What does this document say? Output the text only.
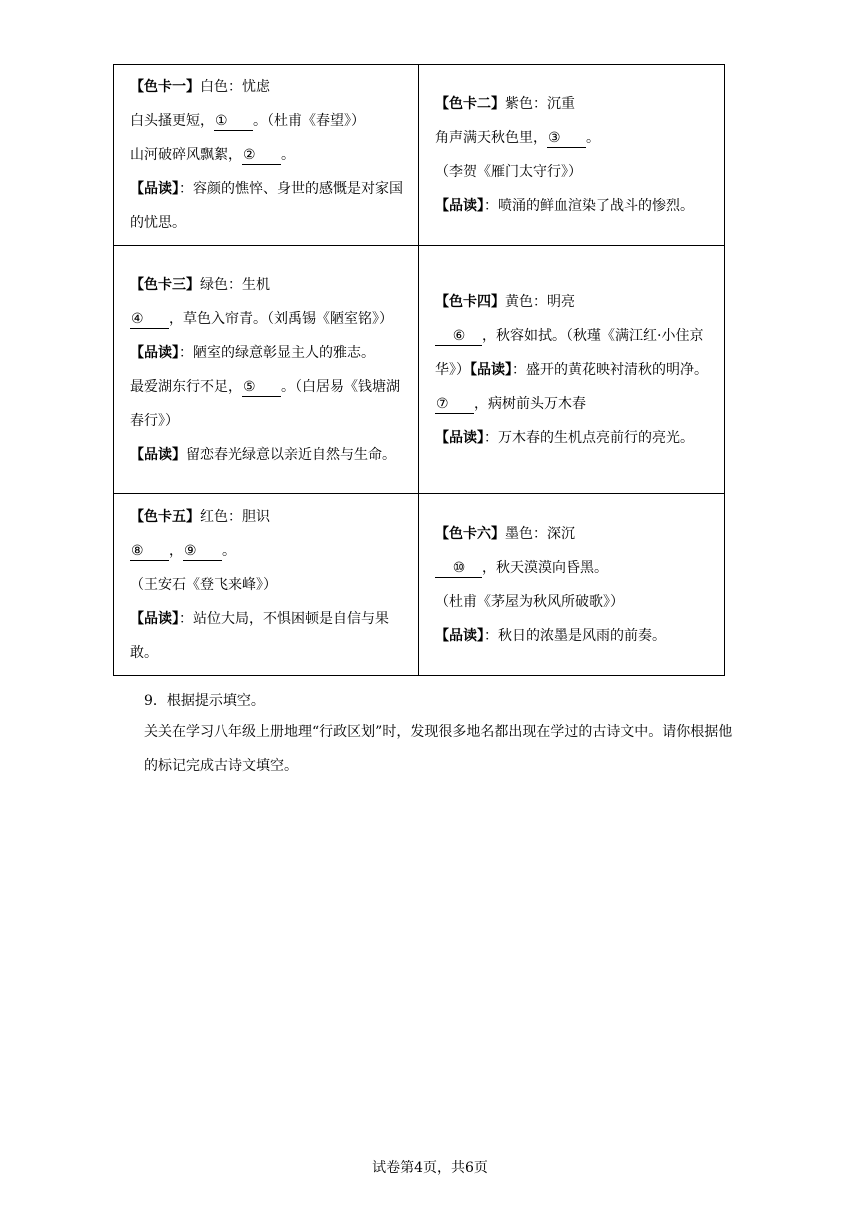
【色卡一】白色：忧虑
白头搔更短，① 。（杜甫《春望》）
山河破碎风飘絮，② 。
【品读】：容颜的憔悴、身世的感慨是对家国的忧思。
【色卡二】紫色：沉重
角声满天秋色里，③ 。
（李贺《雁门太守行》）
【品读】：喷涌的鲜血渲染了战斗的惨烈。
【色卡三】绿色：生机
④ ，草色入帘青。（刘禹锡《陋室铭》）
【品读】：陋室的绿意彰显主人的雅志。
最爱湖东行不足，⑤ 。（白居易《钱塘湖春行》）
【品读】留恋春光绿意以亲近自然与生命。
【色卡四】黄色：明亮
⑥ ，秋容如拭。（秋瑾《满江红·小住京华》）【品读】：盛开的黄花映衬清秋的明净。
⑦ ，病树前头万木春
【品读】：万木春的生机点亮前行的亮光。
【色卡五】红色：胆识
⑧ ，⑨ 。
（王安石《登飞来峰》）
【品读】：站位大局，不惧困顿是自信与果敢。
【色卡六】墨色：深沉
⑩ ，秋天漠漠向昏黑。
（杜甫《茅屋为秋风所破歌》）
【品读】：秋日的浓墨是风雨的前奏。
9．根据提示填空。
关关在学习八年级上册地理“行政区划”时，发现很多地名都出现在学过的古诗文中。请你根据他的标记完成古诗文填空。
试卷第4页，共6页
